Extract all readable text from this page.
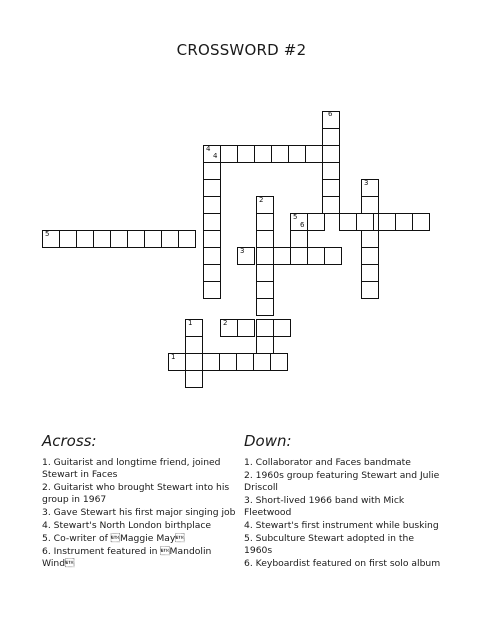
CROSSWORD #2
6
4
4
3
2
5
6
5
3
1	2
1
Across:
1. Guitarist and longtime friend, joined Stewart in Faces
2. Guitarist who brought Stewart into his group in 1967
3. Gave Stewart his first major singing job
4. Stewart's North London birthplace
5. Co-writer of Maggie May
6. Instrument featured in Mandolin Wind
Down:
1. Collaborator and Faces bandmate
2. 1960s group featuring Stewart and Julie Driscoll
3. Short-lived 1966 band with Mick Fleetwood
4. Stewart's first instrument while busking
5. Subculture Stewart adopted in the 1960s
6. Keyboardist featured on first solo album
